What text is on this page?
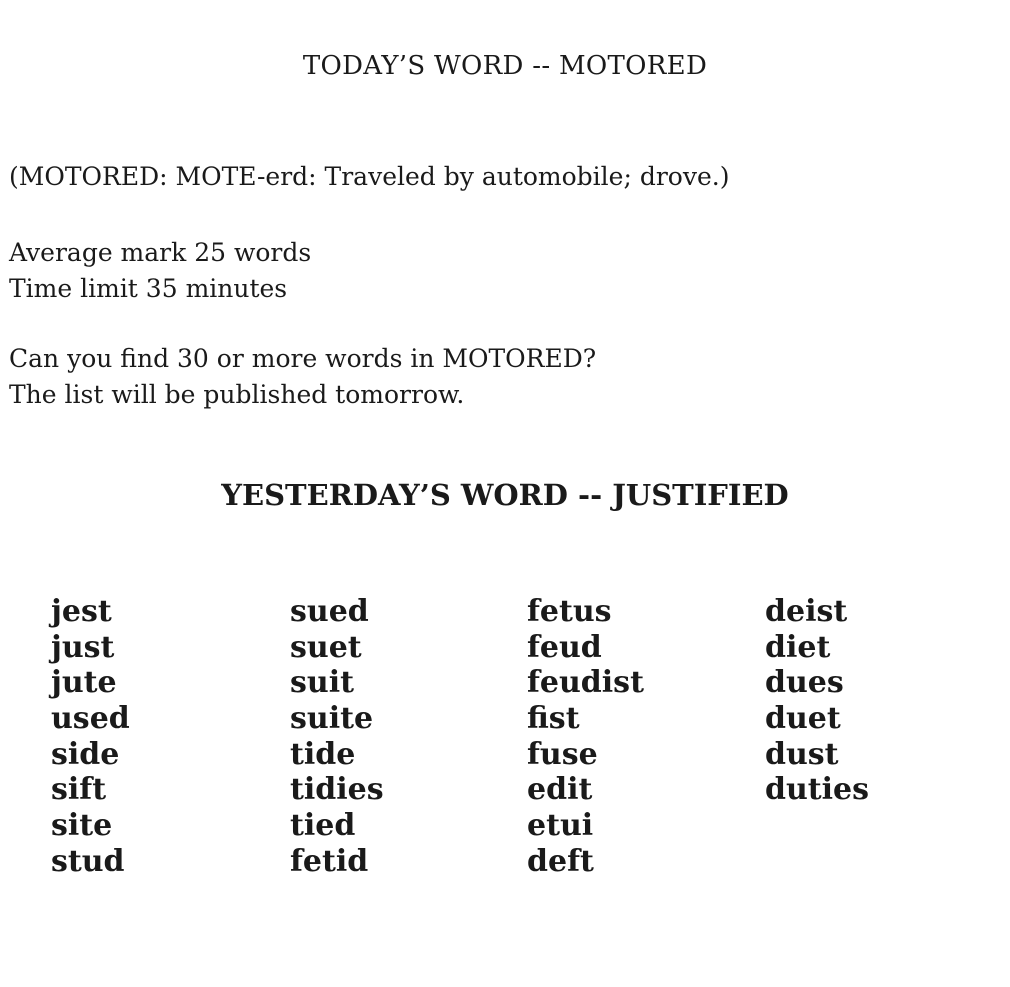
TODAY’S WORD -- MOTORED
(MOTORED: MOTE-erd: Traveled by automobile; drove.)
Average mark 25 words
Time limit 35 minutes
Can you find 30 or more words in MOTORED?
The list will be published tomorrow.
YESTERDAY’S WORD -- JUSTIFIED
jest
just
jute
used
side
sift
site
stud
sued
suet
suit
suite
tide
tidies
tied
fetid
fetus
feud
feudist
fist
fuse
edit
etui
deft
deist
diet
dues
duet
dust
duties
